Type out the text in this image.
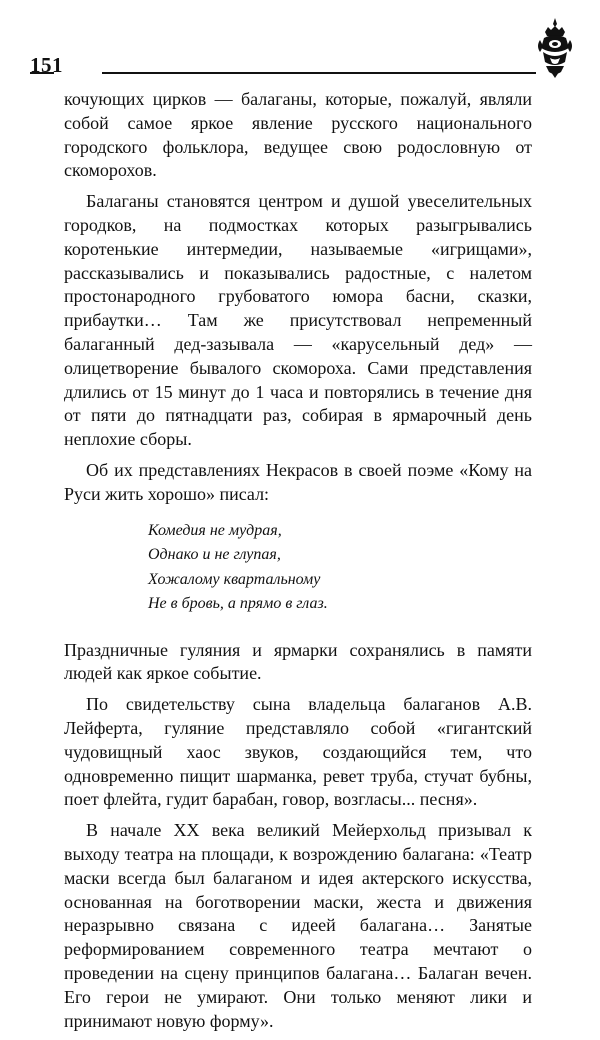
151

кочующих цирков — балаганы, которые, пожалуй, являли собой самое яркое явление русского национального городского фольклора, ведущее свою родословную от скоморохов.

Балаганы становятся центром и душой увеселительных городков, на подмостках которых разыгрывались коротенькие интермедии, называемые «игрищами», рассказывались и показывались радостные, с налетом простонародного грубоватого юмора басни, сказки, прибаутки… Там же присутствовал непременный балаганный дед-зазывала — «карусельный дед» — олицетворение бывалого скомороха. Сами представления длились от 15 минут до 1 часа и повторялись в течение дня от пяти до пятнадцати раз, собирая в ярмарочный день неплохие сборы.

Об их представлениях Некрасов в своей поэме «Кому на Руси жить хорошо» писал:

Комедия не мудрая,
Однако и не глупая,
Хожалому квартальному
Не в бровь, а прямо в глаз.

Праздничные гуляния и ярмарки сохранялись в памяти людей как яркое событие.

По свидетельству сына владельца балаганов А.В. Лейферта, гуляние представляло собой «гигантский чудовищный хаос звуков, создающийся тем, что одновременно пищит шарманка, ревет труба, стучат бубны, поет флейта, гудит барабан, говор, возгласы... песня».

В начале XX века великий Мейерхольд призывал к выходу театра на площади, к возрождению балагана: «Театр маски всегда был балаганом и идея актерского искусства, основанная на боготворении маски, жеста и движения неразрывно связана с идеей балагана… Занятые реформированием современного театра мечтают о проведении на сцену принципов балагана… Балаган вечен. Его герои не умирают. Они только меняют лики и принимают новую форму».
